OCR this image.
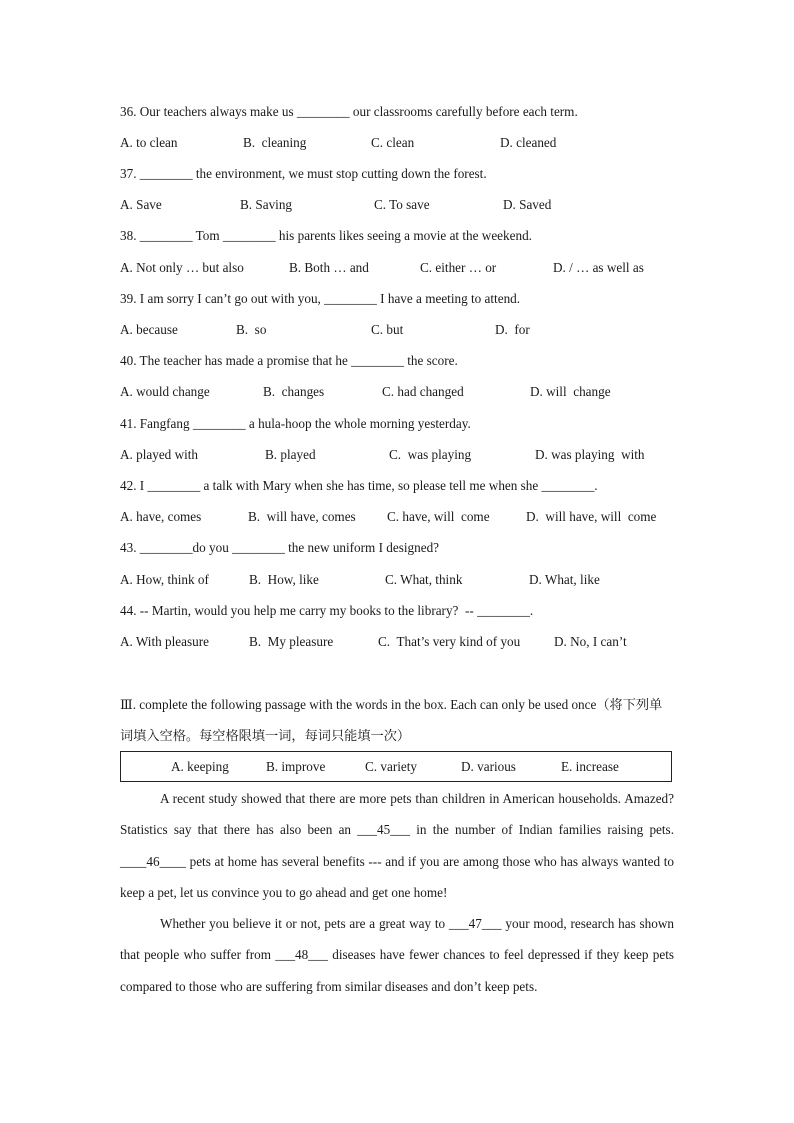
36. Our teachers always make us ________ our classrooms carefully before each term.
A. to clean	B.  cleaning	C. clean	D. cleaned
37. ________ the environment, we must stop cutting down the forest.
A. Save	B. Saving	C. To save	D. Saved
38. ________ Tom ________ his parents likes seeing a movie at the weekend.
A. Not only … but also	B. Both … and	C. either … or	D. / … as well as
39. I am sorry I can’t go out with you, ________ I have a meeting to attend.
A. because	B.  so	C. but	D.  for
40. The teacher has made a promise that he ________ the score.
A. would change	B.  changes	C. had changed	D. will  change
41. Fangfang ________ a hula-hoop the whole morning yesterday.
A. played with	B. played	C.  was playing	D. was playing  with
42. I ________ a talk with Mary when she has time, so please tell me when she ________.
A. have, comes	B.  will have, comes C. have, will  come	D.  will have, will  come
43. ________do you ________ the new uniform I designed?
A. How, think of	B.  How, like	C. What, think	D. What, like
44. -- Martin, would you help me carry my books to the library?  -- ________.
A. With pleasure	B.  My pleasure	C.  That’s very kind of you	D. No, I can’t
Ⅲ. complete the following passage with the words in the box. Each can only be used once（将下列单词填入空格。每空格限填一词，每词只能填一次）
A. keeping	B. improve	C. variety	D. various	E. increase
A recent study showed that there are more pets than children in American households. Amazed? Statistics say that there has also been an ___45___ in the number of Indian families raising pets. ____46____ pets at home has several benefits --- and if you are among those who has always wanted to keep a pet, let us convince you to go ahead and get one home!
Whether you believe it or not, pets are a great way to ___47___ your mood, research has shown that people who suffer from ___48___ diseases have fewer chances to feel depressed if they keep pets compared to those who are suffering from similar diseases and don’t keep pets.
